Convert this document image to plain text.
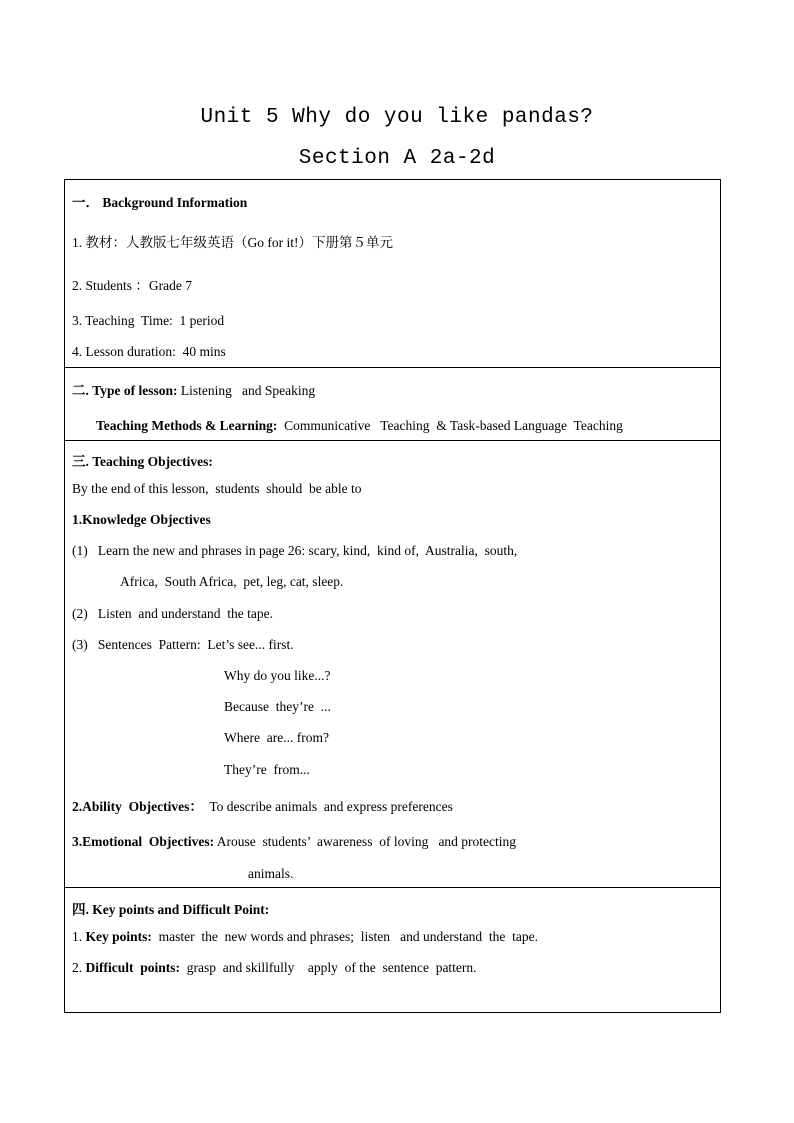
Unit 5 Why do you like pandas?
Section A 2a-2d
一． Background Information
1. 教材：人教版七年级英语（Go for it!）下册第５单元
2. Students ：Grade 7
3. Teaching  Time:  1 period
4. Lesson duration:  40 mins
二. Type of lesson: Listening   and Speaking
Teaching Methods & Learning:  Communicative   Teaching  & Task-based Language  Teaching
三. Teaching Objectives:
By the end of this lesson,  students  should  be able to
1.Knowledge Objectives
(1)   Learn the new and phrases in page 26: scary, kind,  kind of,  Australia,  south,
Africa,  South Africa,  pet, leg, cat, sleep.
(2)   Listen  and understand  the tape.
(3)   Sentences  Pattern:  Let’s see... first.
Why do you like...?
Because  they’re  ...
Where  are... from?
They’re  from...
2.Ability  Objectives：  To describe animals  and express preferences
3.Emotional  Objectives: Arouse  students’  awareness  of loving   and protecting
animals.
四. Key points and Difficult Point:
1. Key points:  master  the  new words and phrases;  listen   and understand  the  tape.
2. Difficult  points:  grasp  and skillfully    apply  of the  sentence  pattern.
